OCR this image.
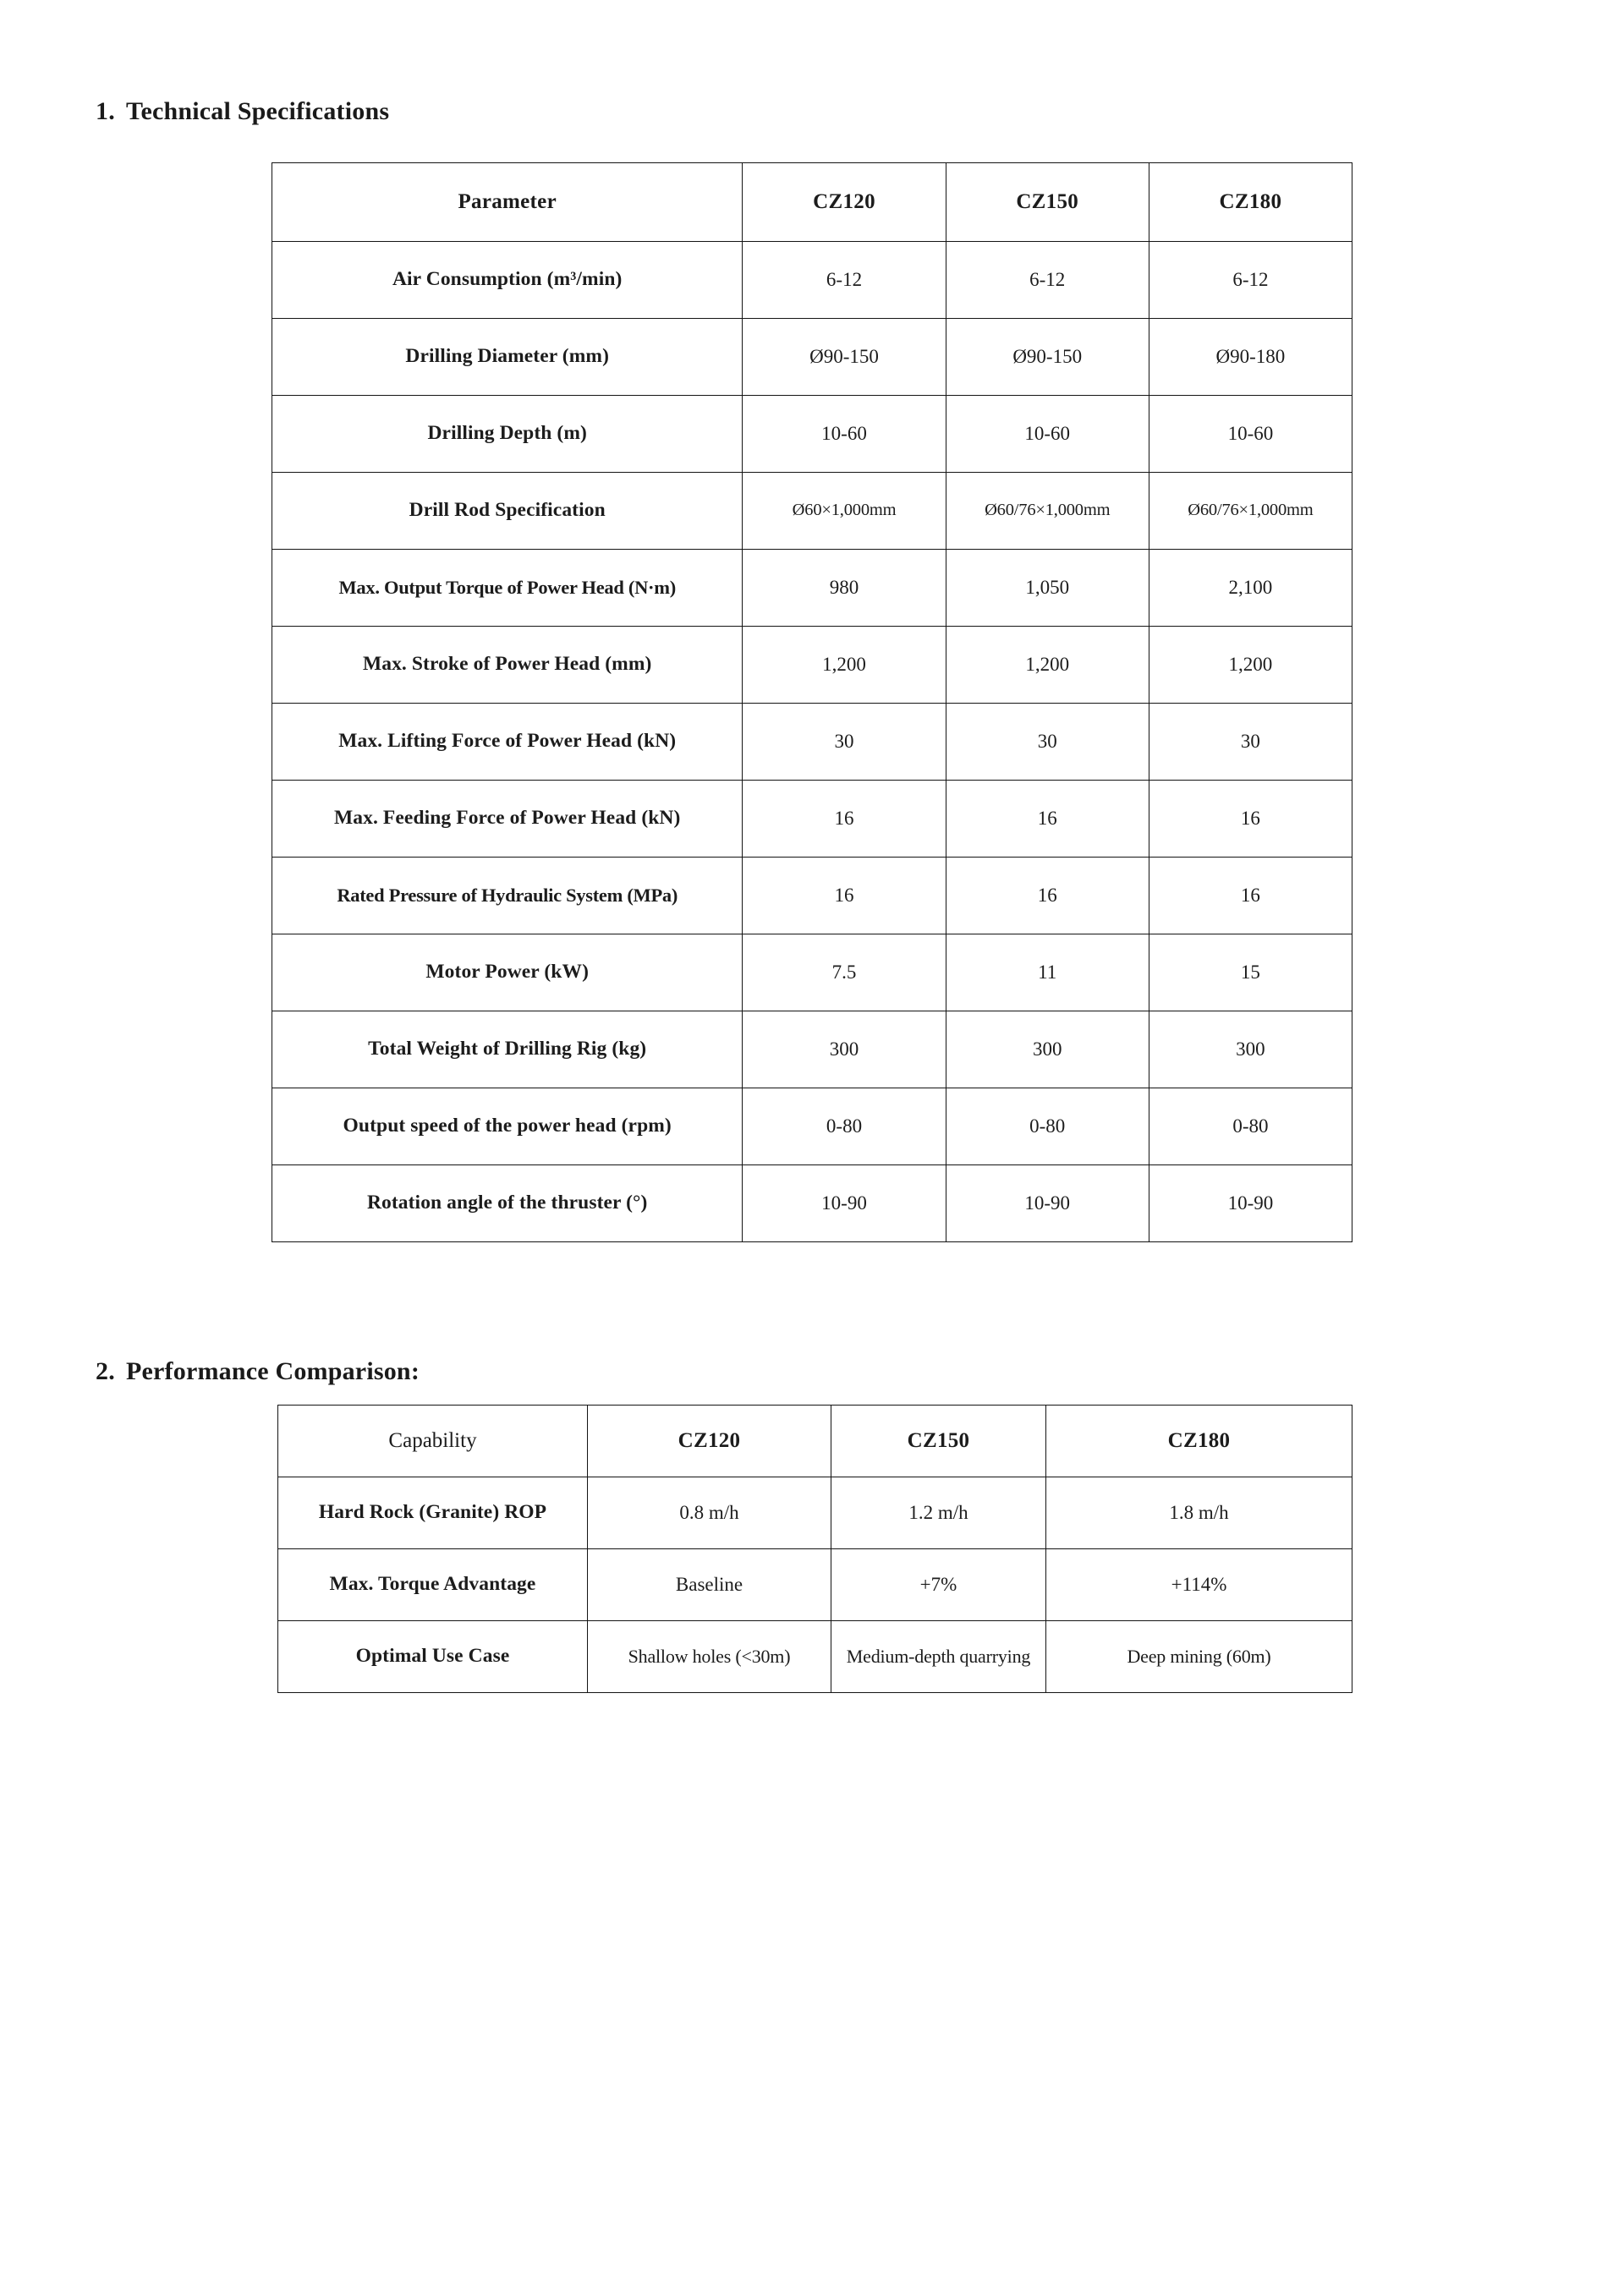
1. Technical Specifications
Parameter	CZ120	CZ150	CZ180
Air Consumption (m³/min)	6-12	6-12	6-12
Drilling Diameter (mm)	Ø90-150	Ø90-150	Ø90-180
Drilling Depth (m)	10-60	10-60	10-60
Drill Rod Specification	Ø60×1,000mm	Ø60/76×1,000mm	Ø60/76×1,000mm
Max. Output Torque of Power Head (N·m)	980	1,050	2,100
Max. Stroke of Power Head (mm)	1,200	1,200	1,200
Max. Lifting Force of Power Head (kN)	30	30	30
Max. Feeding Force of Power Head (kN)	16	16	16
Rated Pressure of Hydraulic System (MPa)	16	16	16
Motor Power (kW)	7.5	11	15
Total Weight of Drilling Rig (kg)	300	300	300
Output speed of the power head (rpm)	0-80	0-80	0-80
Rotation angle of the thruster (°)	10-90	10-90	10-90
2. Performance Comparison:
Capability	CZ120	CZ150	CZ180
Hard Rock (Granite) ROP	0.8 m/h	1.2 m/h	1.8 m/h
Max. Torque Advantage	Baseline	+7%	+114%
Optimal Use Case	Shallow holes (<30m)	Medium-depth quarrying	Deep mining (60m)
